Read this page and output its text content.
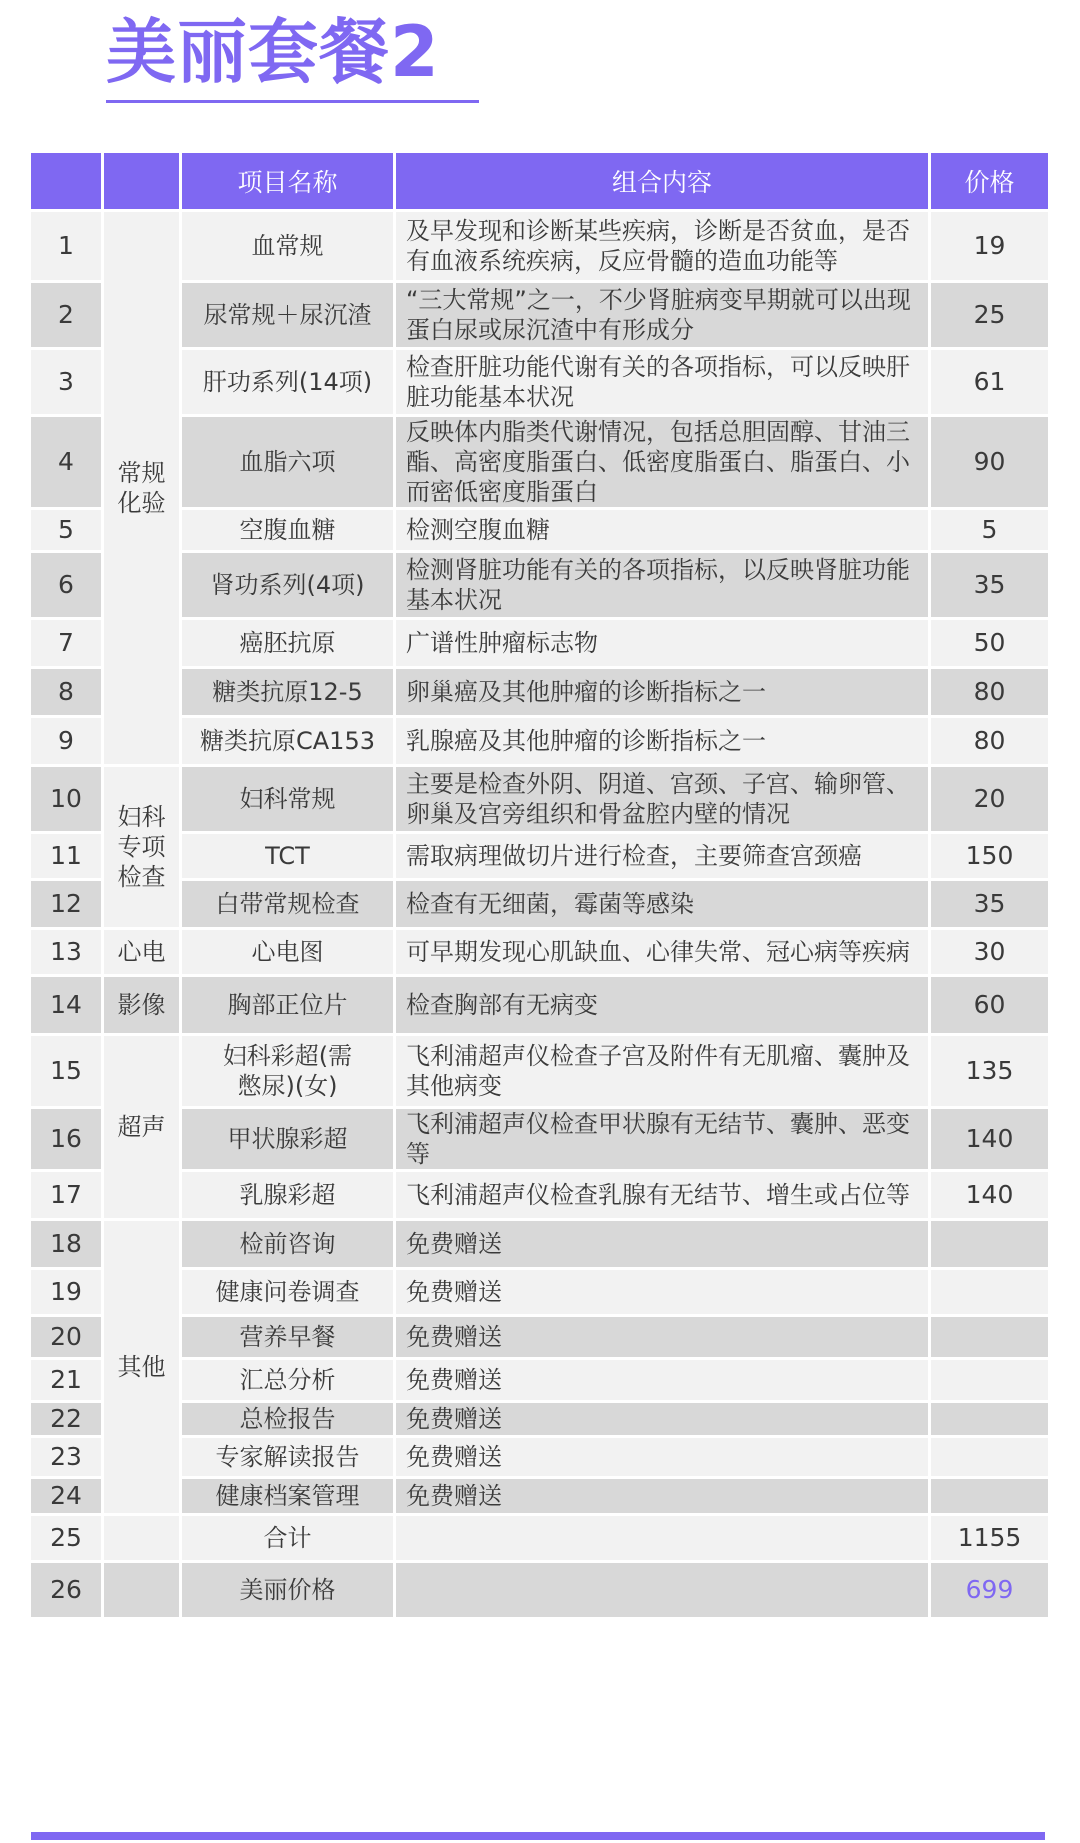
美丽套餐2
		项目名称	组合内容	价格
1	常规化验	血常规	及早发现和诊断某些疾病，诊断是否贫血，是否有血液系统疾病，反应骨髓的造血功能等	19
2		尿常规＋尿沉渣	“三大常规”之一，不少肾脏病变早期就可以出现蛋白尿或尿沉渣中有形成分	25
3		肝功系列(14项)	检查肝脏功能代谢有关的各项指标，可以反映肝脏功能基本状况	61
4		血脂六项	反映体内脂类代谢情况，包括总胆固醇、甘油三酯、高密度脂蛋白、低密度脂蛋白、脂蛋白、小而密低密度脂蛋白	90
5		空腹血糖	检测空腹血糖	5
6		肾功系列(4项)	检测肾脏功能有关的各项指标，以反映肾脏功能基本状况	35
7		癌胚抗原	广谱性肿瘤标志物	50
8		糖类抗原12-5	卵巢癌及其他肿瘤的诊断指标之一	80
9		糖类抗原CA153	乳腺癌及其他肿瘤的诊断指标之一	80
10	妇科专项检查	妇科常规	主要是检查外阴、阴道、宫颈、子宫、输卵管、卵巢及宫旁组织和骨盆腔内壁的情况	20
11		TCT	需取病理做切片进行检查，主要筛查宫颈癌	150
12		白带常规检查	检查有无细菌，霉菌等感染	35
13	心电	心电图	可早期发现心肌缺血、心律失常、冠心病等疾病	30
14	影像	胸部正位片	检查胸部有无病变	60
15	超声	妇科彩超(需憋尿)(女)	飞利浦超声仪检查子宫及附件有无肌瘤、囊肿及其他病变	135
16		甲状腺彩超	飞利浦超声仪检查甲状腺有无结节、囊肿、恶变等	140
17		乳腺彩超	飞利浦超声仪检查乳腺有无结节、增生或占位等	140
18	其他	检前咨询	免费赠送	
19		健康问卷调查	免费赠送	
20		营养早餐	免费赠送	
21		汇总分析	免费赠送	
22		总检报告	免费赠送	
23		专家解读报告	免费赠送	
24		健康档案管理	免费赠送	
25		合计		1155
26		美丽价格		699
